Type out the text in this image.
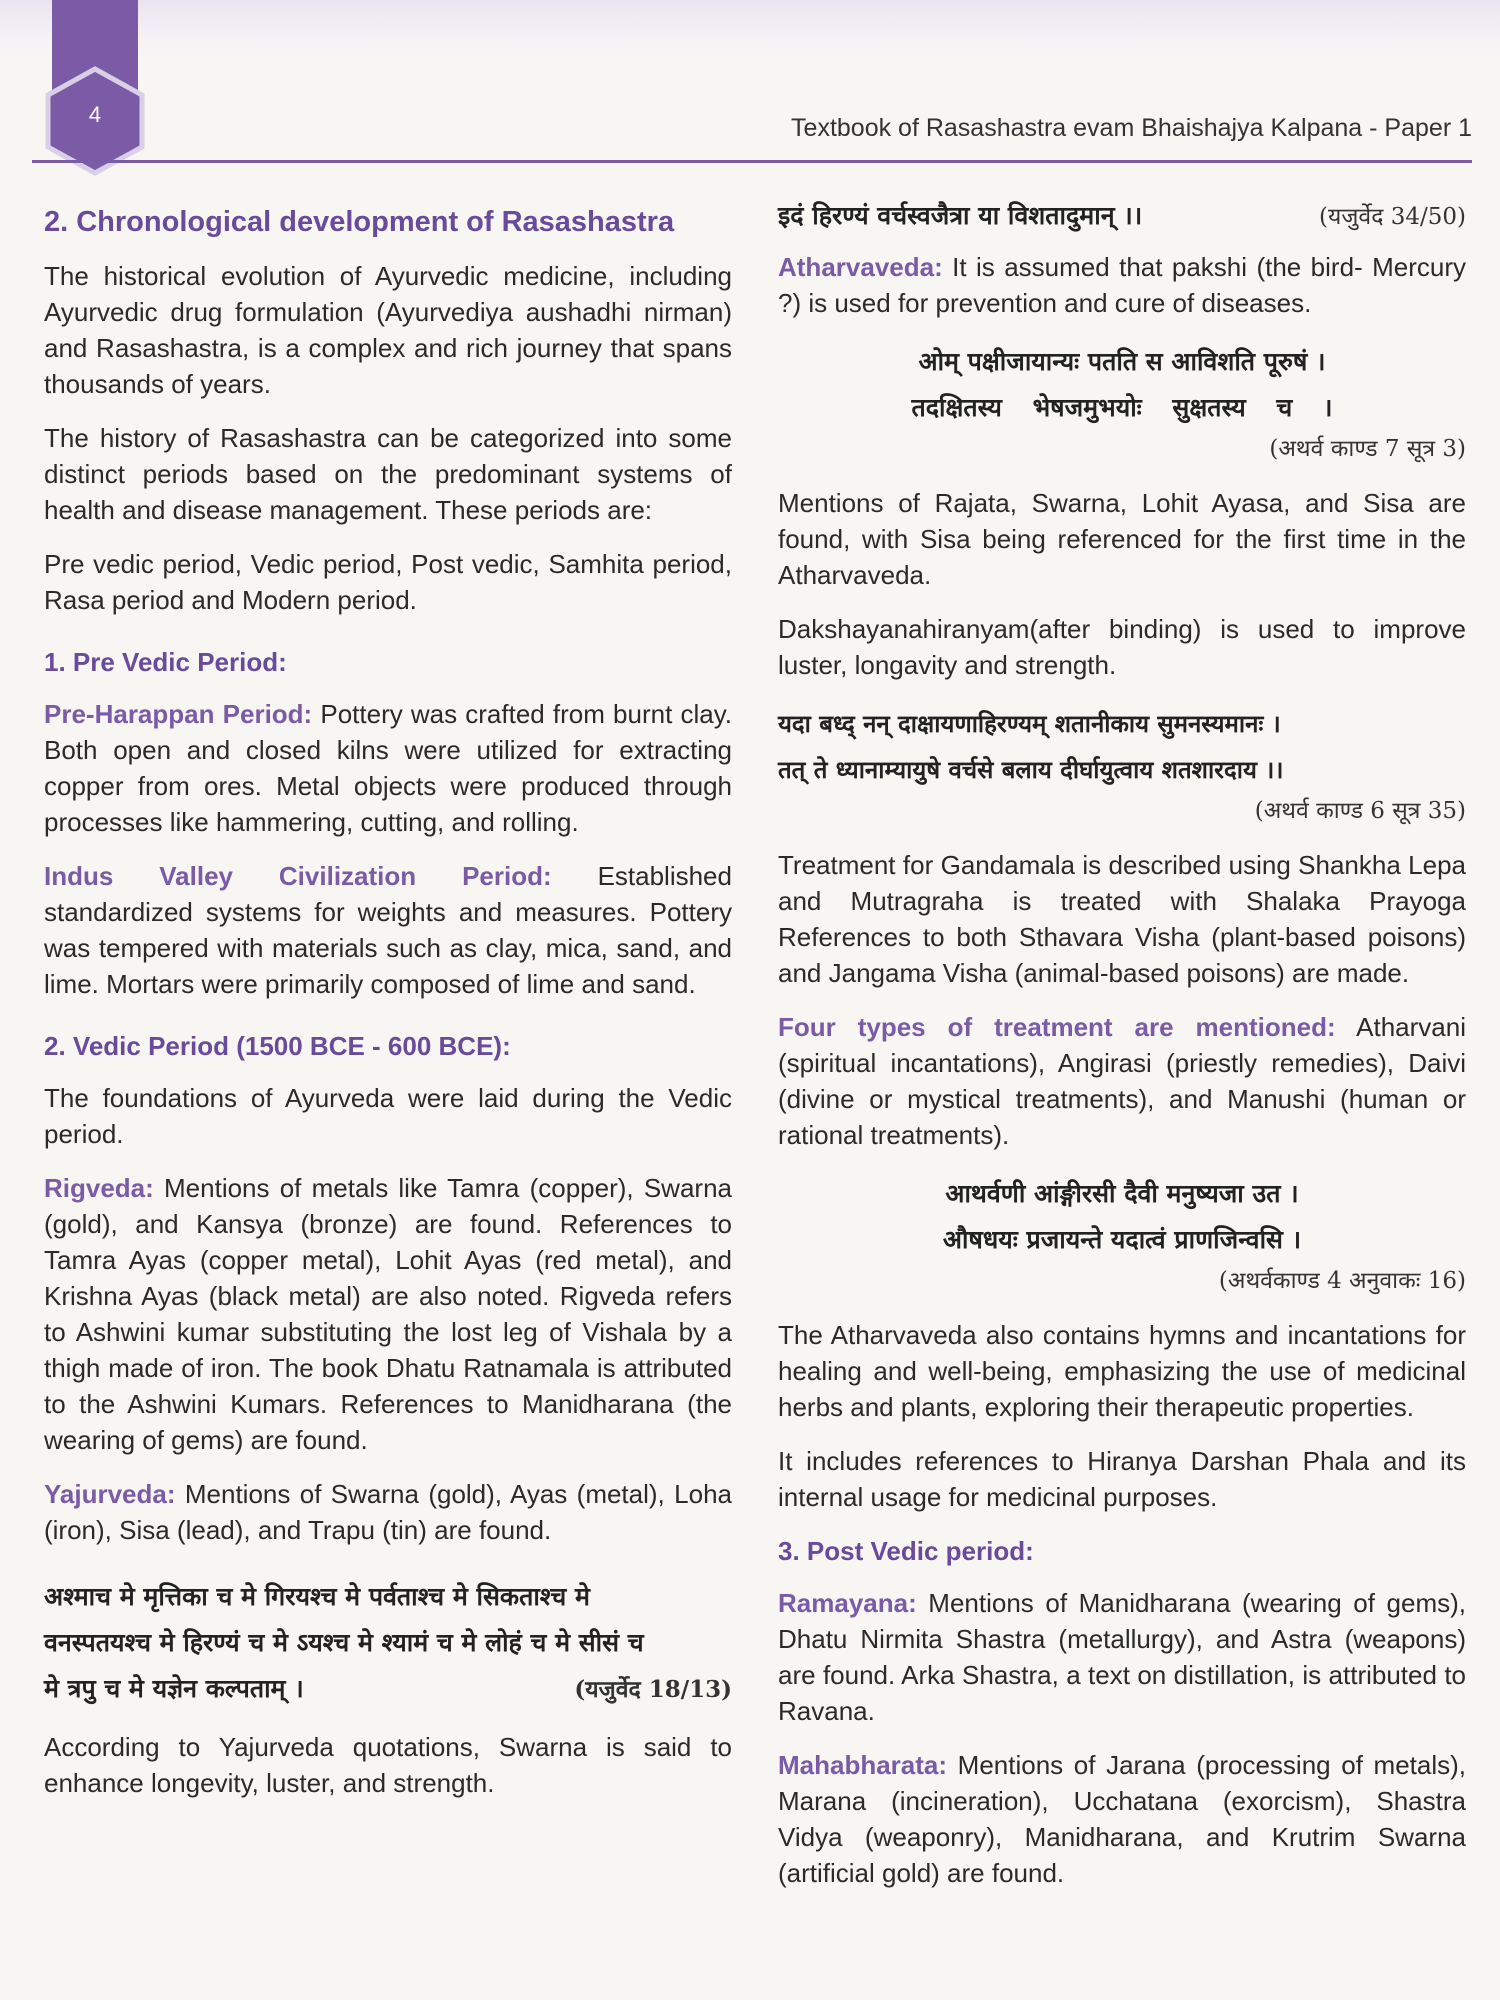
4	Textbook of Rasashastra evam Bhaishajya Kalpana - Paper 1
2. Chronological development of Rasashastra

The historical evolution of Ayurvedic medicine, including Ayurvedic drug formulation (Ayurvediya aushadhi nirman) and Rasashastra, is a complex and rich journey that spans thousands of years.

The history of Rasashastra can be categorized into some distinct periods based on the predominant systems of health and disease management. These periods are:

Pre vedic period, Vedic period, Post vedic, Samhita period, Rasa period and Modern period.

1. Pre Vedic Period:

Pre-Harappan Period: Pottery was crafted from burnt clay. Both open and closed kilns were utilized for extracting copper from ores. Metal objects were produced through processes like hammering, cutting, and rolling.

Indus Valley Civilization Period: Established standardized systems for weights and measures. Pottery was tempered with materials such as clay, mica, sand, and lime. Mortars were primarily composed of lime and sand.

2. Vedic Period (1500 BCE - 600 BCE):

The foundations of Ayurveda were laid during the Vedic period.

Rigveda: Mentions of metals like Tamra (copper), Swarna (gold), and Kansya (bronze) are found. References to Tamra Ayas (copper metal), Lohit Ayas (red metal), and Krishna Ayas (black metal) are also noted. Rigveda refers to Ashwini kumar substituting the lost leg of Vishala by a thigh made of iron. The book Dhatu Ratnamala is attributed to the Ashwini Kumars. References to Manidharana (the wearing of gems) are found.

Yajurveda: Mentions of Swarna (gold), Ayas (metal), Loha (iron), Sisa (lead), and Trapu (tin) are found.

अश्माच मे मृत्तिका च मे गिरयश्च मे पर्वताश्च मे सिकताश्च मे
वनस्पतयश्च मे हिरण्यं च मे ऽयश्च मे श्यामं च मे लोहं च मे सीसं च
मे त्रपु च मे यज्ञेन कल्पताम् ।	(यजुर्वेद 18/13)

According to Yajurveda quotations, Swarna is said to enhance longevity, luster, and strength.

इदं हिरण्यं वर्चस्वजैत्रा या विशतादुमान् ।।	(यजुर्वेद 34/50)

Atharvaveda: It is assumed that pakshi (the bird- Mercury ?) is used for prevention and cure of diseases.

ओम् पक्षीजायान्यः पतति स आविशति पूरुषं ।
तदक्षितस्य भेषजमुभयोः सुक्षतस्य च ।
(अथर्व काण्ड 7 सूत्र 3)

Mentions of Rajata, Swarna, Lohit Ayasa, and Sisa are found, with Sisa being referenced for the first time in the Atharvaveda.

Dakshayanahiranyam(after binding) is used to improve luster, longavity and strength.

यदा बध्द् नन् दाक्षायणाहिरण्यम् शतानीकाय सुमनस्यमानः ।
तत् ते ध्यानाम्यायुषे वर्चसे बलाय दीर्घायुत्वाय शतशारदाय ।।
(अथर्व काण्ड 6 सूत्र 35)

Treatment for Gandamala is described using Shankha Lepa and Mutragraha is treated with Shalaka Prayoga References to both Sthavara Visha (plant-based poisons) and Jangama Visha (animal-based poisons) are made.

Four types of treatment are mentioned: Atharvani (spiritual incantations), Angirasi (priestly remedies), Daivi (divine or mystical treatments), and Manushi (human or rational treatments).

आथर्वणी आंङ्गीरसी दैवी मनुष्यजा उत ।
औषधयः प्रजायन्ते यदात्वं प्राणजिन्वसि ।
(अथर्वकाण्ड 4 अनुवाकः 16)

The Atharvaveda also contains hymns and incantations for healing and well-being, emphasizing the use of medicinal herbs and plants, exploring their therapeutic properties.

It includes references to Hiranya Darshan Phala and its internal usage for medicinal purposes.

3. Post Vedic period:

Ramayana: Mentions of Manidharana (wearing of gems), Dhatu Nirmita Shastra (metallurgy), and Astra (weapons) are found. Arka Shastra, a text on distillation, is attributed to Ravana.

Mahabharata: Mentions of Jarana (processing of metals), Marana (incineration), Ucchatana (exorcism), Shastra Vidya (weaponry), Manidharana, and Krutrim Swarna (artificial gold) are found.
